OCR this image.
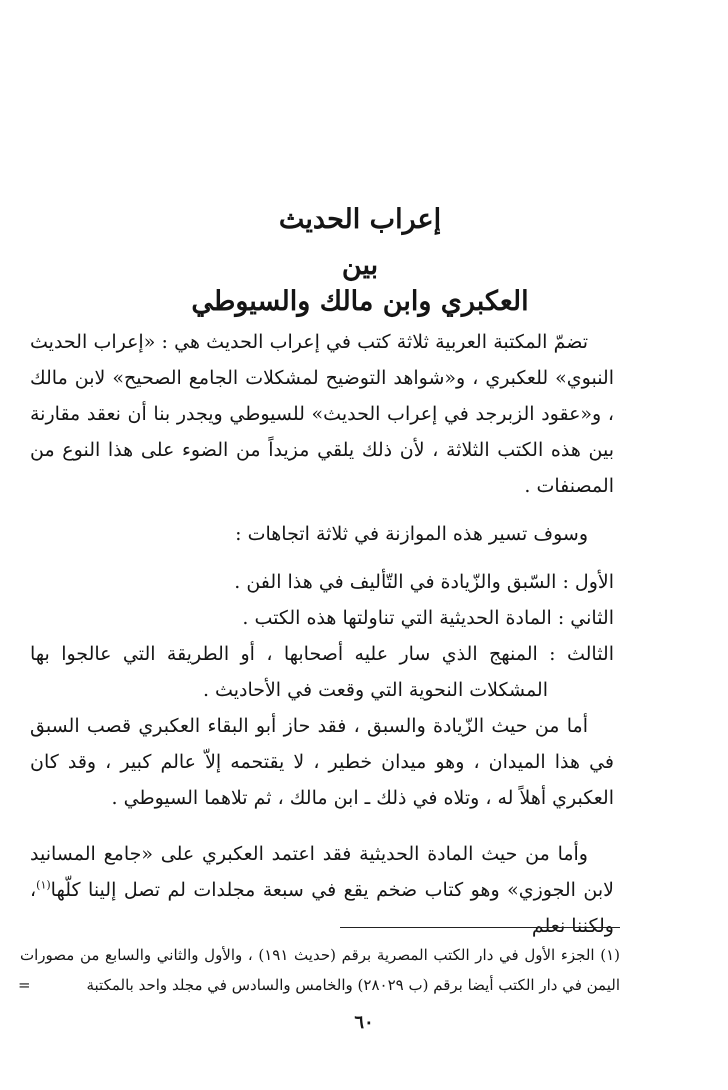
إعراب الحديث
بين
العكبري وابن مالك والسيوطي

تضمّ المكتبة العربية ثلاثة كتب في إعراب الحديث هي : «إعراب الحديث النبوي» للعكبري ، و«شواهد التوضيح لمشكلات الجامع الصحيح» لابن مالك ، و«عقود الزبرجد في إعراب الحديث» للسيوطي ويجدر بنا أن نعقد مقارنة بين هذه الكتب الثلاثة ، لأن ذلك يلقي مزيداً من الضوء على هذا النوع من المصنفات .

وسوف تسير هذه الموازنة في ثلاثة اتجاهات :

الأول : السّبق والزّيادة في التّأليف في هذا الفن .

الثاني : المادة الحديثية التي تناولتها هذه الكتب .

الثالث : المنهج الذي سار عليه أصحابها ، أو الطريقة التي عالجوا بها المشكلات النحوية التي وقعت في الأحاديث .

أما من حيث الزّيادة والسبق ، فقد حاز أبو البقاء العكبري قصب السبق في هذا الميدان ، وهو ميدان خطير ، لا يقتحمه إلاّ عالم كبير ، وقد كان العكبري أهلاً له ، وتلاه في ذلك ـ ابن مالك ، ثم تلاهما السيوطي .

وأما من حيث المادة الحديثية فقد اعتمد العكبري على «جامع المسانيد لابن الجوزي» وهو كتاب ضخم يقع في سبعة مجلدات لم تصل إلينا كلّها$^{(١)}$، ولكننا نعلم

(١) الجزء الأول في دار الكتب المصرية برقم (حديث ١٩١) ، والأول والثاني والسابع من مصورات اليمن في دار الكتب أيضا برقم (ب ٢٨٠٢٩) والخامس والسادس في مجلد واحد بالمكتبة

=
٦٠
